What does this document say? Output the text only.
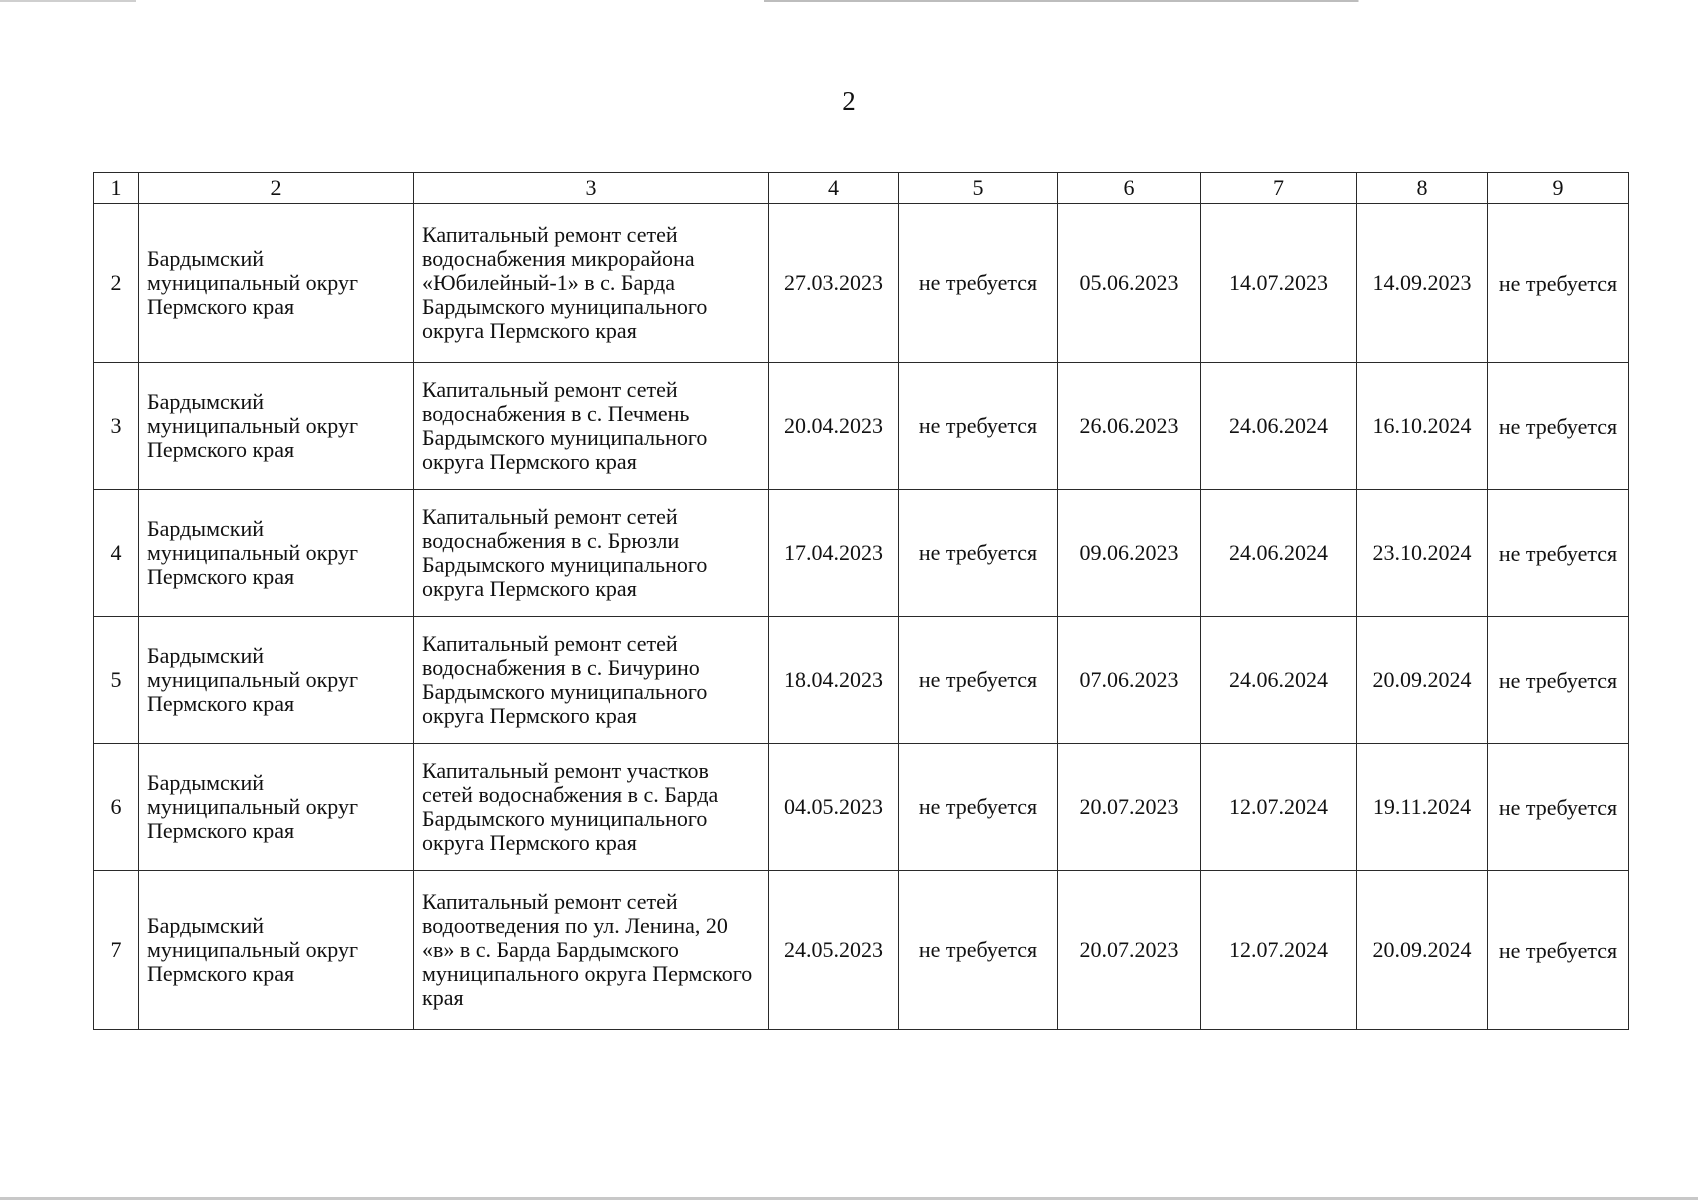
2
1	2	3	4	5	6	7	8	9
2	Бардымский муниципальный округ Пермского края	Капитальный ремонт сетей водоснабжения микрорайона «Юбилейный-1» в с. Барда Бардымского муниципального округа Пермского края	27.03.2023	не требуется	05.06.2023	14.07.2023	14.09.2023	не требуется
3	Бардымский муниципальный округ Пермского края	Капитальный ремонт сетей водоснабжения в с. Печмень Бардымского муниципального округа Пермского края	20.04.2023	не требуется	26.06.2023	24.06.2024	16.10.2024	не требуется
4	Бардымский муниципальный округ Пермского края	Капитальный ремонт сетей водоснабжения в с. Брюзли Бардымского муниципального округа Пермского края	17.04.2023	не требуется	09.06.2023	24.06.2024	23.10.2024	не требуется
5	Бардымский муниципальный округ Пермского края	Капитальный ремонт сетей водоснабжения в с. Бичурино Бардымского муниципального округа Пермского края	18.04.2023	не требуется	07.06.2023	24.06.2024	20.09.2024	не требуется
6	Бардымский муниципальный округ Пермского края	Капитальный ремонт участков сетей водоснабжения в с. Барда Бардымского муниципального округа Пермского края	04.05.2023	не требуется	20.07.2023	12.07.2024	19.11.2024	не требуется
7	Бардымский муниципальный округ Пермского края	Капитальный ремонт сетей водоотведения по ул. Ленина, 20 «в» в с. Барда Бардымского муниципального округа Пермского края	24.05.2023	не требуется	20.07.2023	12.07.2024	20.09.2024	не требуется
